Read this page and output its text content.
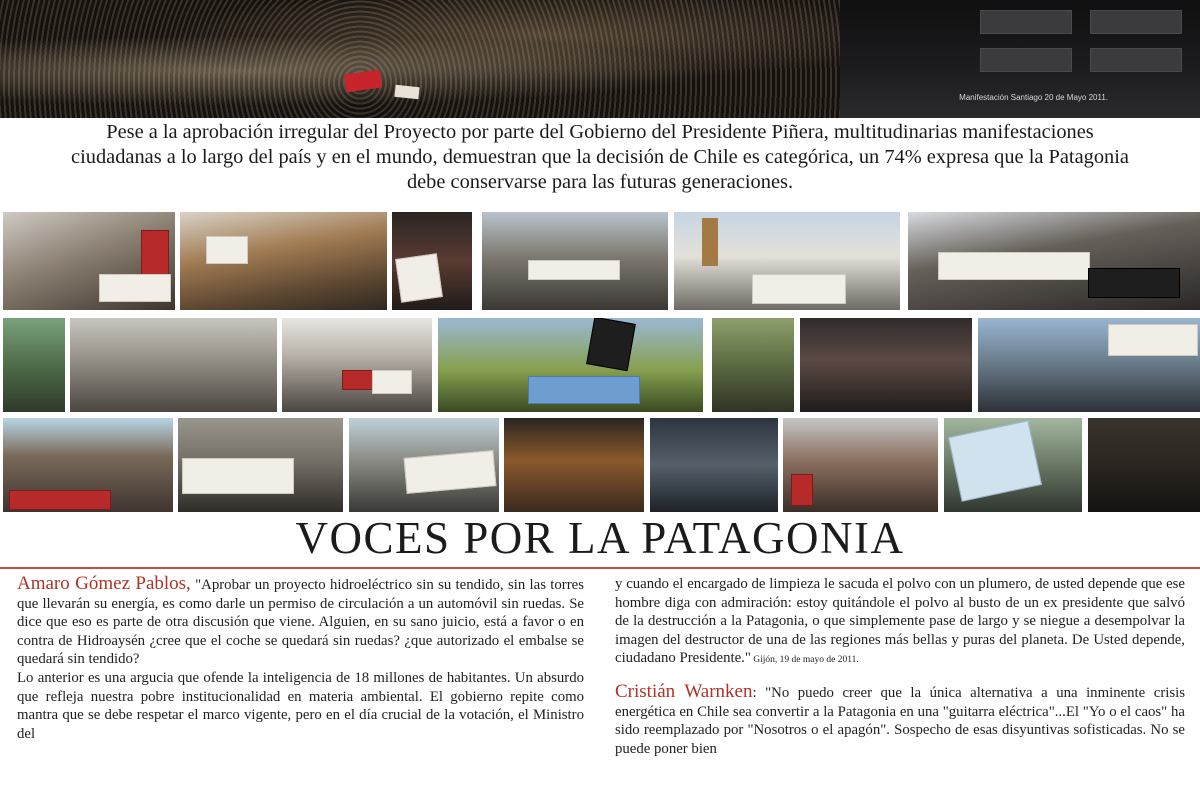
Manifestación Santiago 20 de Mayo 2011.
Pese a la aprobación irregular del Proyecto por parte del Gobierno del Presidente Piñera, multitudinarias manifestaciones ciudadanas a lo largo del país y en el mundo, demuestran que la decisión de Chile es categórica, un 74% expresa que la Patagonia debe conservarse para las futuras generaciones.
VOCES POR LA PATAGONIA

Amaro Gómez Pablos, "Aprobar un proyecto hidroeléctrico sin su tendido, sin las torres que llevarán su energía, es como darle un permiso de circulación a un automóvil sin ruedas. Se dice que eso es parte de otra discusión que viene. Alguien, en su sano juicio, está a favor o en contra de Hidroaysén ¿cree que el coche se quedará sin ruedas? ¿que autorizado el embalse se quedará sin tendido?

Lo anterior es una argucia que ofende la inteligencia de 18 millones de habitantes. Un absurdo que refleja nuestra pobre institucionalidad en materia ambiental. El gobierno repite como mantra que se debe respetar el marco vigente, pero en el día crucial de la votación, el Ministro del

y cuando el encargado de limpieza le sacuda el polvo con un plumero, de usted depende que ese hombre diga con admiración: estoy quitándole el polvo al busto de un ex presidente que salvó de la destrucción a la Patagonia, o que simplemente pase de largo y se niegue a desempolvar la imagen del destructor de una de las regiones más bellas y puras del planeta. De Usted depende, ciudadano Presidente." Gijón, 19 de mayo de 2011.

Cristián Warnken: "No puedo creer que la única alternativa a una inminente crisis energética en Chile sea convertir a la Patagonia en una "guitarra eléctrica"...El "Yo o el caos" ha sido reemplazado por "Nosotros o el apagón". Sospecho de esas disyuntivas sofisticadas. No se puede poner bien
